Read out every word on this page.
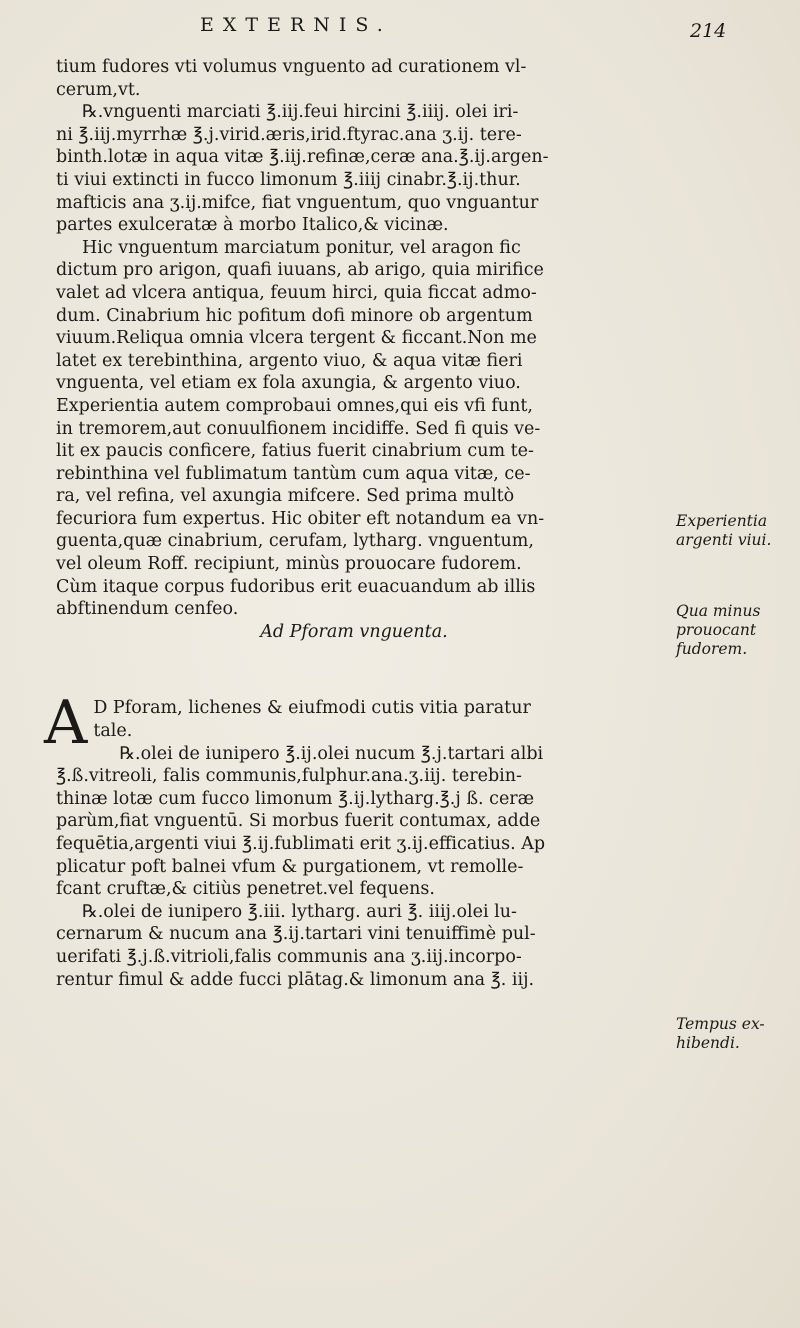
EXTERNIS.	214
tium fudores vti volumus vnguento ad curationem vl-
cerum,vt.
℞.vnguenti marciati ℥.iij.feui hircini ℥.iiij. olei iri-
ni ℥.iij.myrrhæ ℥.j.virid.æris,irid.ftyrac.ana ʒ.ij. tere-
binth.lotæ in aqua vitæ ℥.iij.refinæ,ceræ ana.℥.ij.argen-
ti viui extincti in fucco limonum ℥.iiij cinabr.℥.ij.thur.
mafticis ana ʒ.ij.mifce, fiat vnguentum, quo vnguantur
partes exulceratæ à morbo Italico,& vicinæ.
Hic vnguentum marciatum ponitur, vel aragon fic
dictum pro arigon, quafi iuuans, ab arigo, quia mirifice
valet ad vlcera antiqua, feuum hirci, quia ficcat admo-
dum. Cinabrium hic pofitum dofi minore ob argentum
viuum.Reliqua omnia vlcera tergent & ficcant.Non me
latet ex terebinthina, argento viuo, & aqua vitæ fieri
vnguenta, vel etiam ex fola axungia, & argento viuo.
Experientia autem comprobaui omnes,qui eis vfi funt,
in tremorem,aut conuulfionem incidiffe. Sed fi quis ve-
lit ex paucis conficere, fatius fuerit cinabrium cum te-
rebinthina vel fublimatum tantùm cum aqua vitæ, ce-
ra, vel refina, vel axungia mifcere. Sed prima multò
fecuriora fum expertus. Hic obiter eft notandum ea vn-
guenta,quæ cinabrium, cerufam, lytharg. vnguentum,
vel oleum Roff. recipiunt, minùs prouocare fudorem.
Cùm itaque corpus fudoribus erit euacuandum ab illis
abftinendum cenfeo.
Ad Pforam vnguenta.
A D Pforam, lichenes & eiufmodi cutis vitia paratur
tale.
℞.olei de iunipero ℥.ij.olei nucum ℥.j.tartari albi
℥.ß.vitreoli, falis communis,fulphur.ana.ʒ.iij. terebin-
thinæ lotæ cum fucco limonum ℥.ij.lytharg.℥.j ß. ceræ
parùm,fiat vnguentū. Si morbus fuerit contumax, adde
fequētia,argenti viui ℥.ij.fublimati erit ʒ.ij.efficatius. Ap
plicatur poft balnei vfum & purgationem, vt remolle-
fcant cruftæ,& citiùs penetret.vel fequens.
℞.olei de iunipero ℥.iii. lytharg. auri ℥. iiij.olei lu-
cernarum & nucum ana ℥.ij.tartari vini tenuiffimè pul-
uerifati ℥.j.ß.vitrioli,falis communis ana ʒ.iij.incorpo-
rentur fimul & adde fucci plātag.& limonum ana ℥. iij.
Experientia argenti viui.
Qua minus prouocant fudorem.
Tempus ex-hibendi.
